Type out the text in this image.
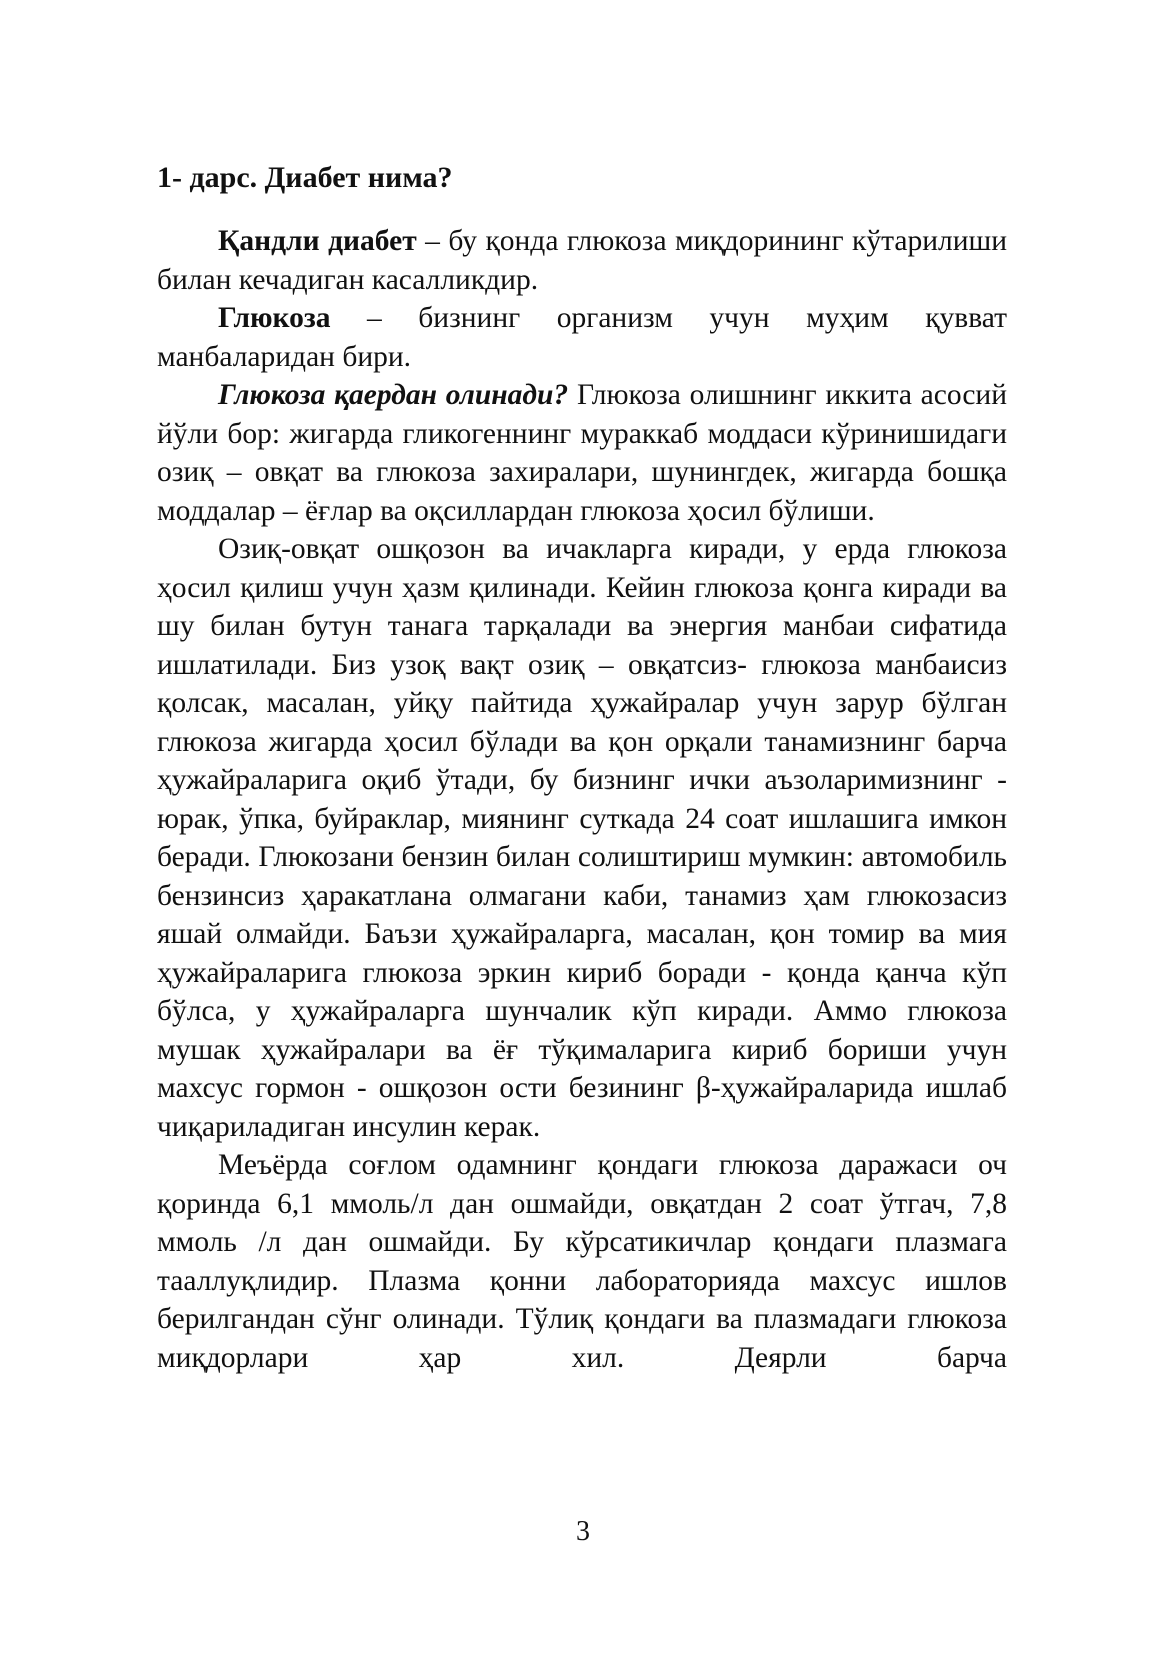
1- дарс. Диабет нима?

Қандли диабет – бу қонда глюкоза миқдорининг кўтарилиши билан кечадиган касалликдир.

Глюкоза – бизнинг организм учун муҳим қувват манбаларидан бири.

Глюкоза қаердан олинади? Глюкоза олишнинг иккита асосий йўли бор: жигарда гликогеннинг мураккаб моддаси кўринишидаги озиқ – овқат ва глюкоза захиралари, шунингдек, жигарда бошқа моддалар – ёғлар ва оқсиллардан глюкоза ҳосил бўлиши.

Озиқ-овқат ошқозон ва ичакларга киради, у ерда глюкоза ҳосил қилиш учун ҳазм қилинади. Кейин глюкоза қонга киради ва шу билан бутун танага тарқалади ва энергия манбаи сифатида ишлатилади. Биз узоқ вақт озиқ – овқатсиз- глюкоза манбаисиз қолсак, масалан, уйқу пайтида ҳужайралар учун зарур бўлган глюкоза жигарда ҳосил бўлади ва қон орқали танамизнинг барча ҳужайраларига оқиб ўтади, бу бизнинг ички аъзоларимизнинг - юрак, ўпка, буйраклар, миянинг суткада 24 соат ишлашига имкон беради. Глюкозани бензин билан солиштириш мумкин: автомобиль бензинсиз ҳаракатлана олмагани каби, танамиз ҳам глюкозасиз яшай олмайди. Баъзи ҳужайраларга, масалан, қон томир ва мия ҳужайраларига глюкоза эркин кириб боради - қонда қанча кўп бўлса, у ҳужайраларга шунчалик кўп киради. Аммо глюкоза мушак ҳужайралари ва ёғ тўқималарига кириб бориши учун махсус гормон - ошқозон ости безининг β-ҳужайраларида ишлаб чиқариладиган инсулин керак.

Меъёрда соғлом одамнинг қондаги глюкоза даражаси оч қоринда 6,1 ммоль/л дан ошмайди, овқатдан 2 соат ўтгач, 7,8 ммоль /л дан ошмайди. Бу кўрсатикичлар қондаги плазмага тааллуқлидир. Плазма қонни лабораторияда махсус ишлов берилгандан сўнг олинади. Тўлиқ қондаги ва плазмадаги глюкоза миқдорлари ҳар хил. Деярли барча

3
